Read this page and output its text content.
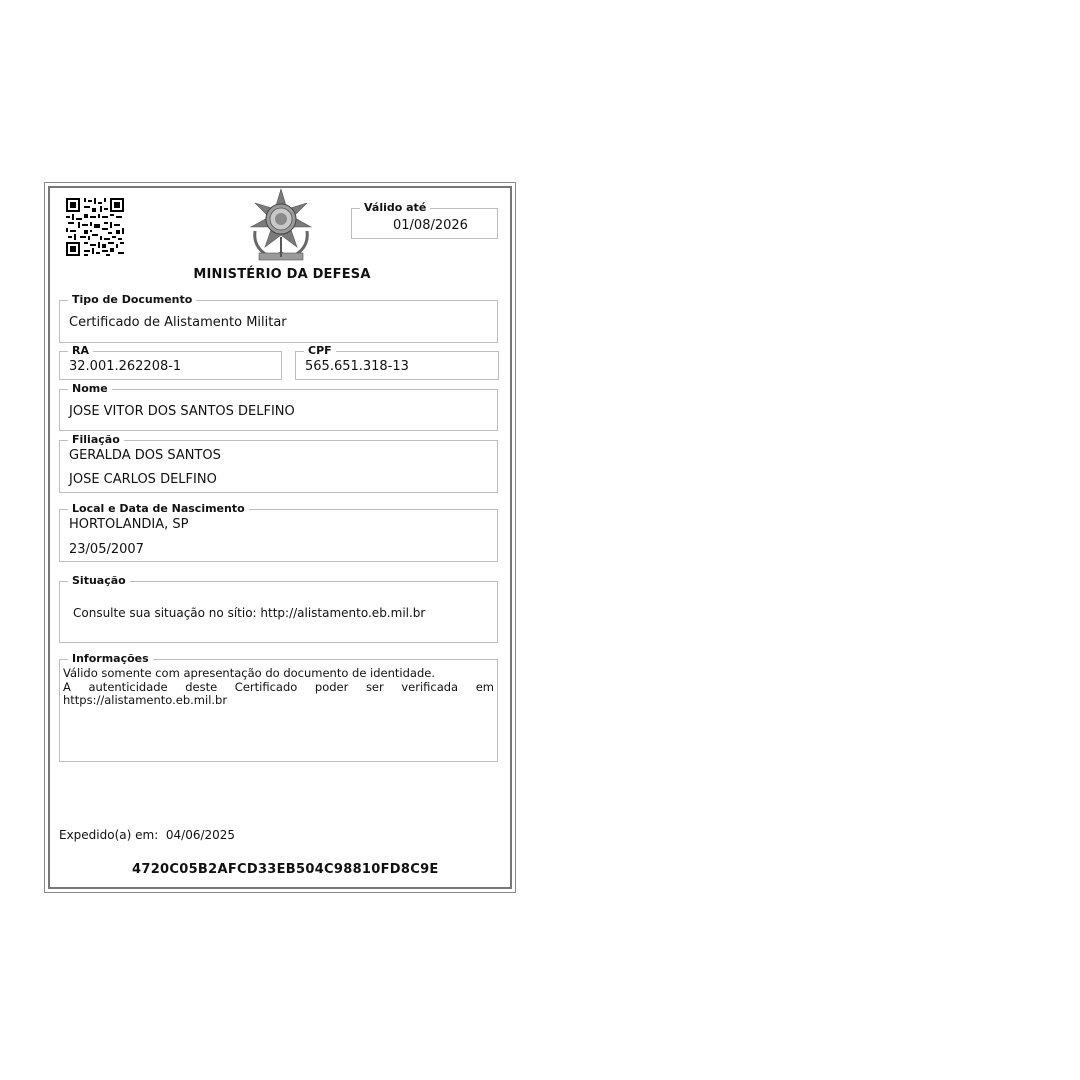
Válido até
01/08/2026
MINISTÉRIO DA DEFESA
Tipo de Documento
Certificado de Alistamento Militar
RA
32.001.262208-1
CPF
565.651.318-13
Nome
JOSE VITOR DOS SANTOS DELFINO
Filiação
GERALDA DOS SANTOS
JOSE CARLOS DELFINO
Local e Data de Nascimento
HORTOLANDIA, SP
23/05/2007
Situação
Consulte sua situação no sítio: http://alistamento.eb.mil.br
Informações
Válido somente com apresentação do documento de identidade.
A autenticidade deste Certificado poder ser verificada em https://alistamento.eb.mil.br
Expedido(a) em: 04/06/2025
4720C05B2AFCD33EB504C98810FD8C9E
